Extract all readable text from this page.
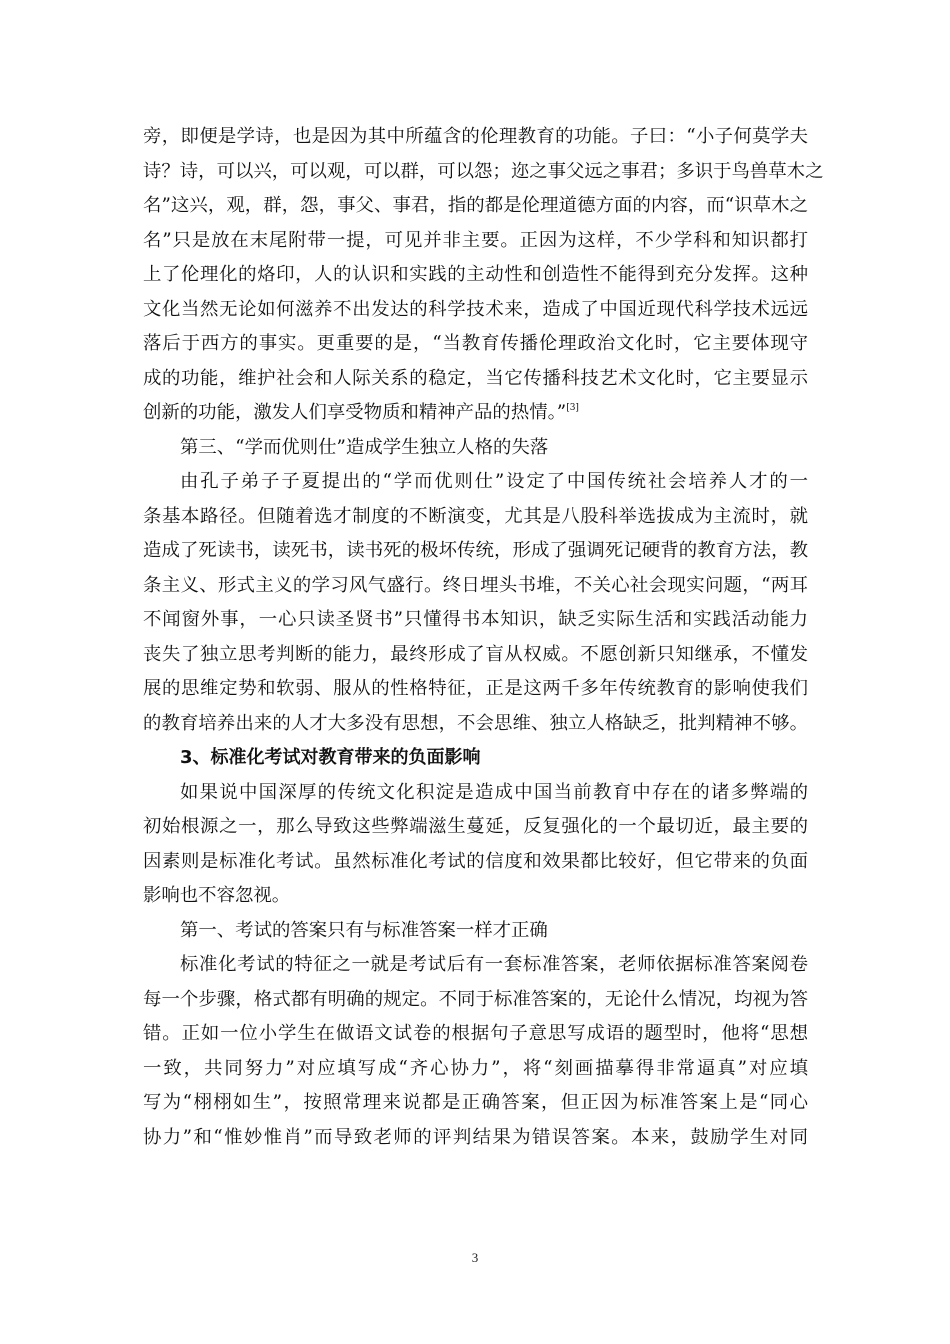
旁，即便是学诗，也是因为其中所蕴含的伦理教育的功能。子曰：“小子何莫学夫
诗？诗，可以兴，可以观，可以群，可以怨；迩之事父远之事君；多识于鸟兽草木之
名”这兴，观，群，怨，事父、事君，指的都是伦理道德方面的内容，而“识草木之
名”只是放在末尾附带一提，可见并非主要。正因为这样，不少学科和知识都打
上了伦理化的烙印，人的认识和实践的主动性和创造性不能得到充分发挥。这种
文化当然无论如何滋养不出发达的科学技术来，造成了中国近现代科学技术远远
落后于西方的事实。更重要的是，“当教育传播伦理政治文化时，它主要体现守
成的功能，维护社会和人际关系的稳定，当它传播科技艺术文化时，它主要显示
创新的功能，激发人们享受物质和精神产品的热情。”[3]
第三、“学而优则仕”造成学生独立人格的失落
由孔子弟子子夏提出的“学而优则仕”设定了中国传统社会培养人才的一
条基本路径。但随着选才制度的不断演变，尤其是八股科举选拔成为主流时，就
造成了死读书，读死书，读书死的极坏传统，形成了强调死记硬背的教育方法，教
条主义、形式主义的学习风气盛行。终日埋头书堆，不关心社会现实问题，“两耳
不闻窗外事，一心只读圣贤书”只懂得书本知识，缺乏实际生活和实践活动能力
丧失了独立思考判断的能力，最终形成了盲从权威。不愿创新只知继承，不懂发
展的思维定势和软弱、服从的性格特征，正是这两千多年传统教育的影响使我们
的教育培养出来的人才大多没有思想，不会思维、独立人格缺乏，批判精神不够。
3、标准化考试对教育带来的负面影响
如果说中国深厚的传统文化积淀是造成中国当前教育中存在的诸多弊端的
初始根源之一，那么导致这些弊端滋生蔓延，反复强化的一个最切近，最主要的
因素则是标准化考试。虽然标准化考试的信度和效果都比较好，但它带来的负面
影响也不容忽视。
第一、考试的答案只有与标准答案一样才正确
标准化考试的特征之一就是考试后有一套标准答案，老师依据标准答案阅卷
每一个步骤，格式都有明确的规定。不同于标准答案的，无论什么情况，均视为答
错。正如一位小学生在做语文试卷的根据句子意思写成语的题型时，他将“思想
一致，共同努力”对应填写成“齐心协力”，将“刻画描摹得非常逼真”对应填
写为“栩栩如生”，按照常理来说都是正确答案，但正因为标准答案上是“同心
协力”和“惟妙惟肖”而导致老师的评判结果为错误答案。本来，鼓励学生对同
3
